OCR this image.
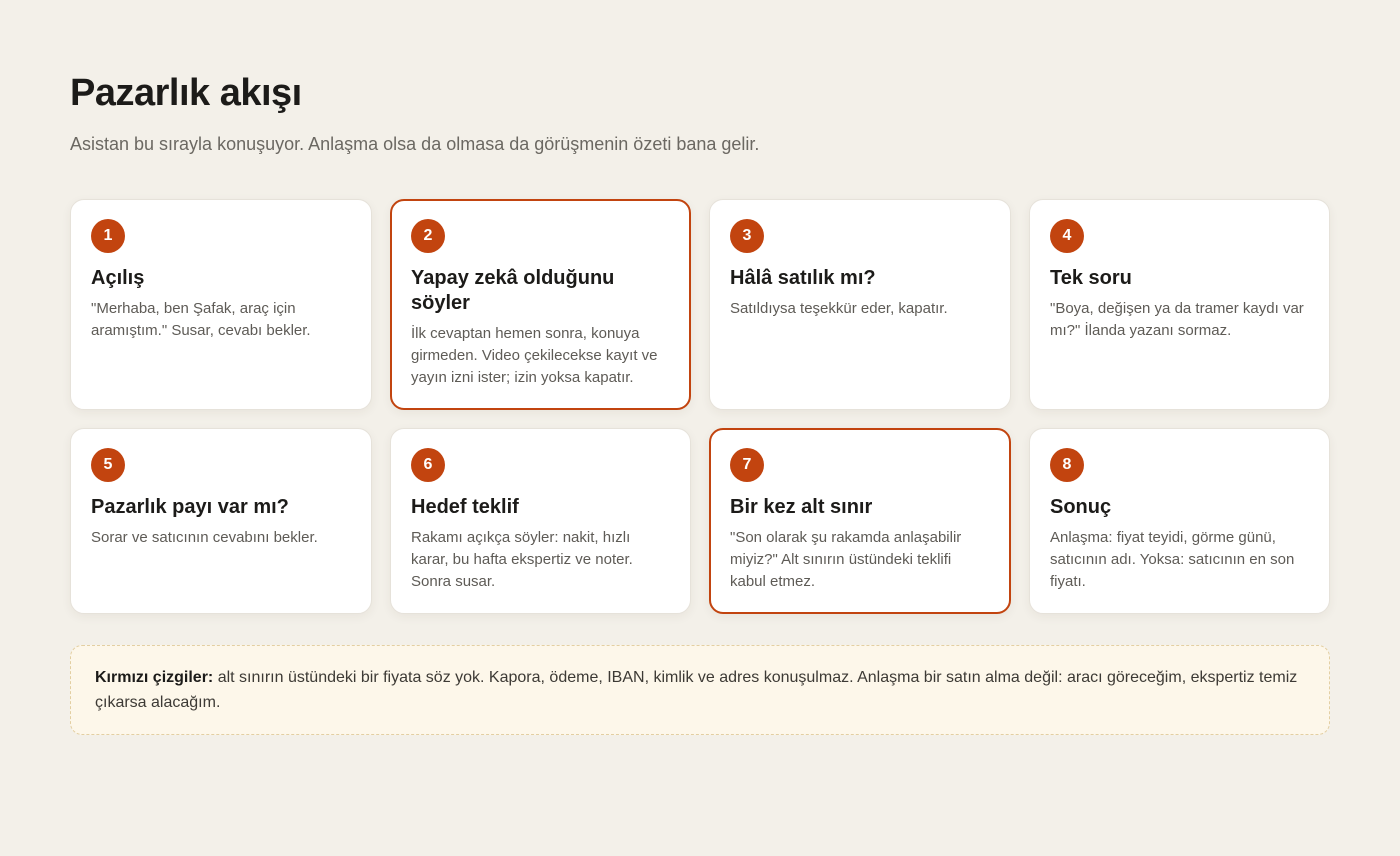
Pazarlık akışı
Asistan bu sırayla konuşuyor. Anlaşma olsa da olmasa da görüşmenin özeti bana gelir.
1
Açılış
"Merhaba, ben Şafak, araç için aramıştım." Susar, cevabı bekler.
2
Yapay zekâ olduğunu söyler
İlk cevaptan hemen sonra, konuya girmeden. Video çekilecekse kayıt ve yayın izni ister; izin yoksa kapatır.
3
Hâlâ satılık mı?
Satıldıysa teşekkür eder, kapatır.
4
Tek soru
"Boya, değişen ya da tramer kaydı var mı?" İlanda yazanı sormaz.
5
Pazarlık payı var mı?
Sorar ve satıcının cevabını bekler.
6
Hedef teklif
Rakamı açıkça söyler: nakit, hızlı karar, bu hafta ekspertiz ve noter. Sonra susar.
7
Bir kez alt sınır
"Son olarak şu rakamda anlaşabilir miyiz?" Alt sınırın üstündeki teklifi kabul etmez.
8
Sonuç
Anlaşma: fiyat teyidi, görme günü, satıcının adı. Yoksa: satıcının en son fiyatı.
Kırmızı çizgiler: alt sınırın üstündeki bir fiyata söz yok. Kapora, ödeme, IBAN, kimlik ve adres konuşulmaz. Anlaşma bir satın alma değil: aracı göreceğim, ekspertiz temiz çıkarsa alacağım.
